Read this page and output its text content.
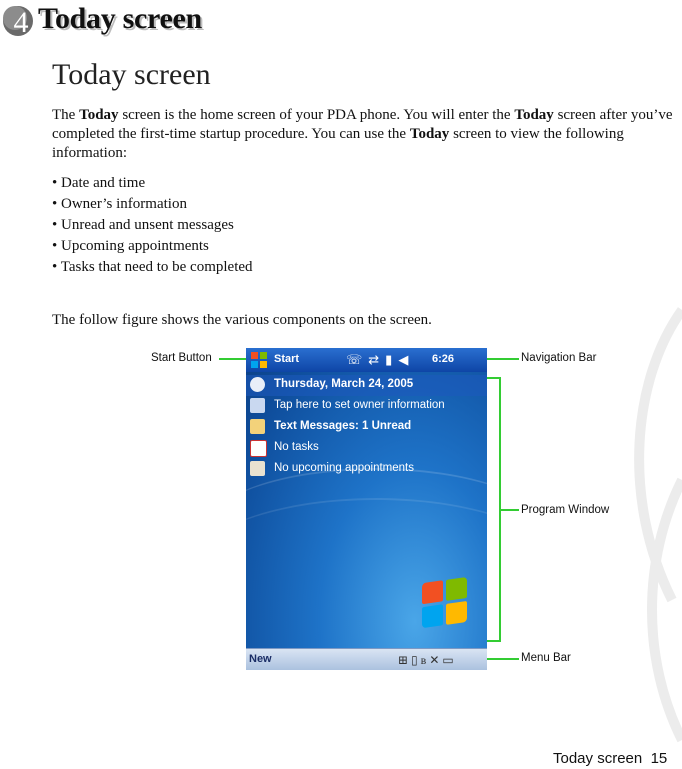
4 Today screen
Today screen
The Today screen is the home screen of your PDA phone. You will enter the Today screen after you’ve completed the first-time startup procedure. You can use the Today screen to view the following information:
• Date and time
• Owner’s information
• Unread and unsent messages
• Upcoming appointments
• Tasks that need to be completed
The follow figure shows the various components on the screen.
Start Button	Navigation Bar
Program Window
Menu Bar
Start	☏⇄▮◀ 6:26
Thursday, March 24, 2005
Tap here to set owner information
Text Messages: 1 Unread
No tasks
No upcoming appointments
New	⊞▯ʙ✕▭
Today screen 15
